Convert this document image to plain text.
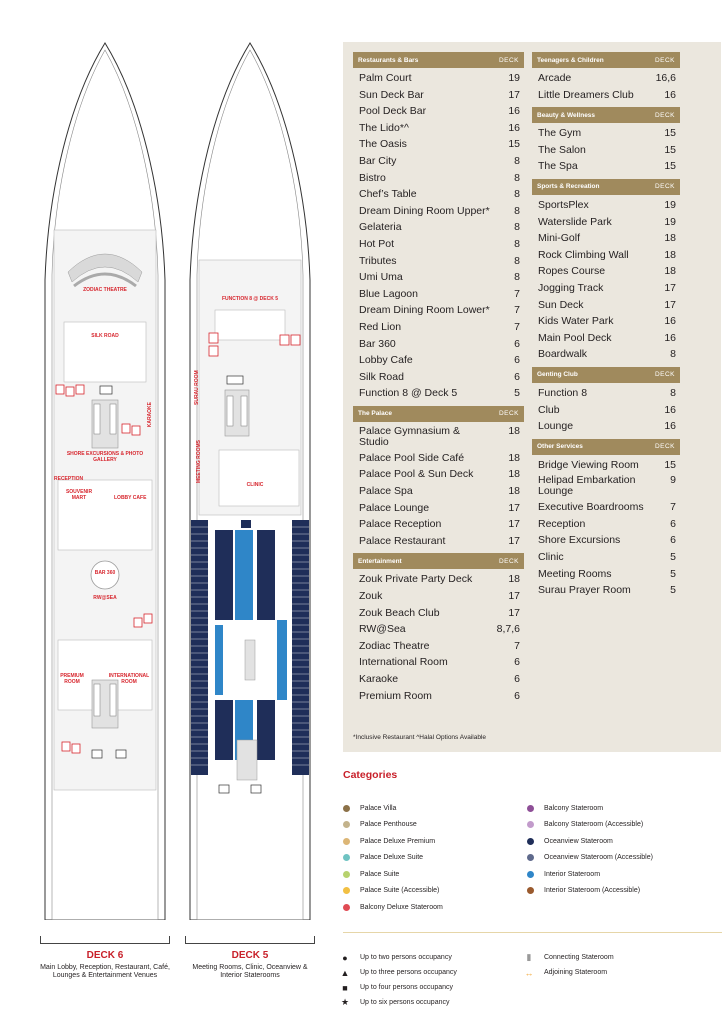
ZODIAC THEATRE
SILK ROAD
KARAOKE
SHORE EXCURSIONS & PHOTO GALLERY
RECEPTION
SOUVENIR MART	LOBBY CAFE
BAR 360
RW@SEA
PREMIUM ROOM
INTERNATIONAL ROOM
FUNCTION 8 @ DECK 5
SURAU ROOM
MEETING ROOMS
CLINIC
DECK 6
Main Lobby, Reception, Restaurant, Café, Lounges & Entertainment Venues
DECK 5
Meeting Rooms, Clinic, Oceanview & Interior Staterooms
Restaurants & Bars	DECK
Palm Court	19
Sun Deck Bar	17
Pool Deck Bar	16
The Lido*^	16
The Oasis	15
Bar City	8
Bistro	8
Chef’s Table	8
Dream Dining Room Upper* 8
Gelateria	8
Hot Pot	8
Tributes	8
Umi Uma	8
Blue Lagoon	7
Dream Dining Room Lower* 7
Red Lion	7
Bar 360	6
Lobby Cafe	6
Silk Road	6
Function 8 @ Deck 5	5
The Palace	DECK
Palace Gymnasium & Studio
18
Palace Pool Side Café	18
Palace Pool & Sun Deck	18
Palace Spa	18
Palace Lounge	17
Palace Reception	17
Palace Restaurant	17
Entertainment	DECK
Zouk Private Party Deck	18
Zouk	17
Zouk Beach Club	17
RW@Sea	8,7,6
Zodiac Theatre	7
International Room	6
Karaoke	6
Premium Room	6
Teenagers & Children	DECK
Arcade	16,6
Little Dreamers Club	16
Beauty & Wellness	DECK
The Gym	15
The Salon	15
The Spa	15
Sports & Recreation	DECK
SportsPlex	19
Waterslide Park	19
Mini-Golf	18
Rock Climbing Wall	18
Ropes Course	18
Jogging Track	17
Sun Deck	17
Kids Water Park	16
Main Pool Deck	16
Boardwalk	8
Genting Club	DECK
Function 8	8
Club	16
Lounge	16
Other Services	DECK
Bridge Viewing Room 15
Helipad Embarkation Lounge
9
Executive Boardrooms	7
Reception	6
Shore Excursions	6
Clinic	5
Meeting Rooms	5
Surau Prayer Room	5
*Inclusive Restaurant ^Halal Options Available
Categories
Palace Villa
Palace Penthouse
Palace Deluxe Premium
Palace Deluxe Suite
Palace Suite
Palace Suite (Accessible)
Balcony Deluxe Stateroom
Balcony Stateroom
Balcony Stateroom (Accessible)
Oceanview Stateroom
Oceanview Stateroom (Accessible)
Interior Stateroom
Interior Stateroom (Accessible)
●	Up to two persons occupancy
▲ Up to three persons occupancy
■	Up to four persons occupancy
★ Up to six persons occupancy
▮	Connecting Stateroom
↔ Adjoining Stateroom
